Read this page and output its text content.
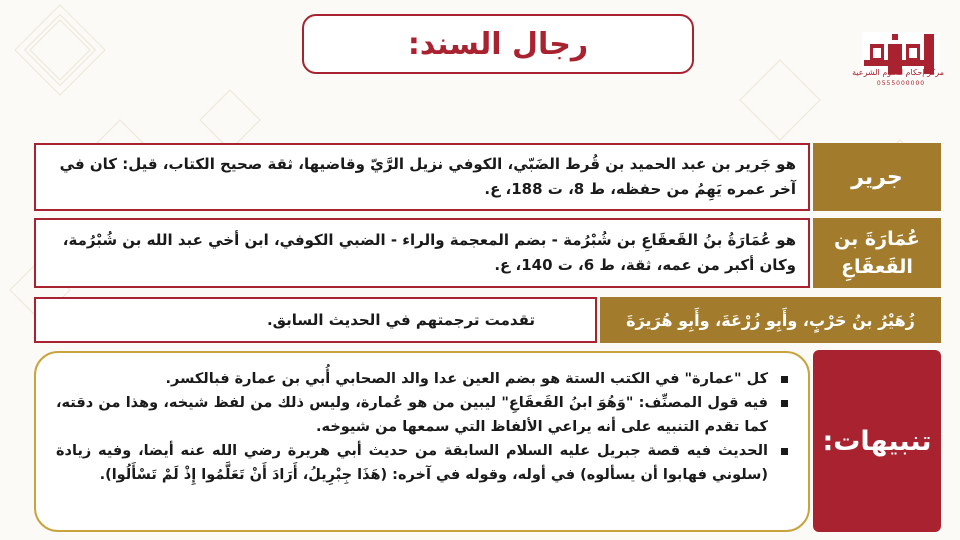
رجال السند:
مركز إحكام للعلوم الشرعية
0555000000
جرير

هو جَرير بن عبد الحميد بن قُرط الضَبّي، الكوفي نزيل الرَّيّ وقاضيها، ثقة صحيح الكتاب، قيل: كان في آخر عمره يَهِمُ من حفظه، ط 8، ت 188، ع.

عُمَارَةَ بن القَعقَاعِ

هو عُمَارَةُ بنُ القَعقَاعِ بن شُبْرُمة - بضم المعجمة والراء - الضبي الكوفي، ابن أخي عبد الله بن شُبْرُمة، وكان أكبر من عمه، ثقة، ط 6، ت 140، ع.

زُهَيْرُ بنُ حَرْبٍ، وأَبِو زُرْعَةَ، وأَبِو هُرَيرَةَ

تقدمت ترجمتهم في الحديث السابق.

تنبيهات:
كل "عمارة" في الكتب الستة هو بضم العين عدا والد الصحابي أُبي بن عمارة فبالكسر.
فيه قول المصنِّف: "وَهُوَ ابنُ القَعقَاعِ" ليبين من هو عُمارة، وليس ذلك من لفظ شيخه، وهذا من دقته، كما تقدم التنبيه على أنه يراعي الألفاظ التي سمعها من شيوخه.
الحديث فيه قصة جبريل عليه السلام السابقة من حديث أبي هريرة رضي الله عنه أيضا، وفيه زيادة (سلوني فهابوا أن يسألوه) في أوله، وقوله في آخره: (هَذَا جِبْرِيلُ، أَرَادَ أَنْ تَعَلَّمُوا إِذْ لَمْ تَسْأَلُوا).
